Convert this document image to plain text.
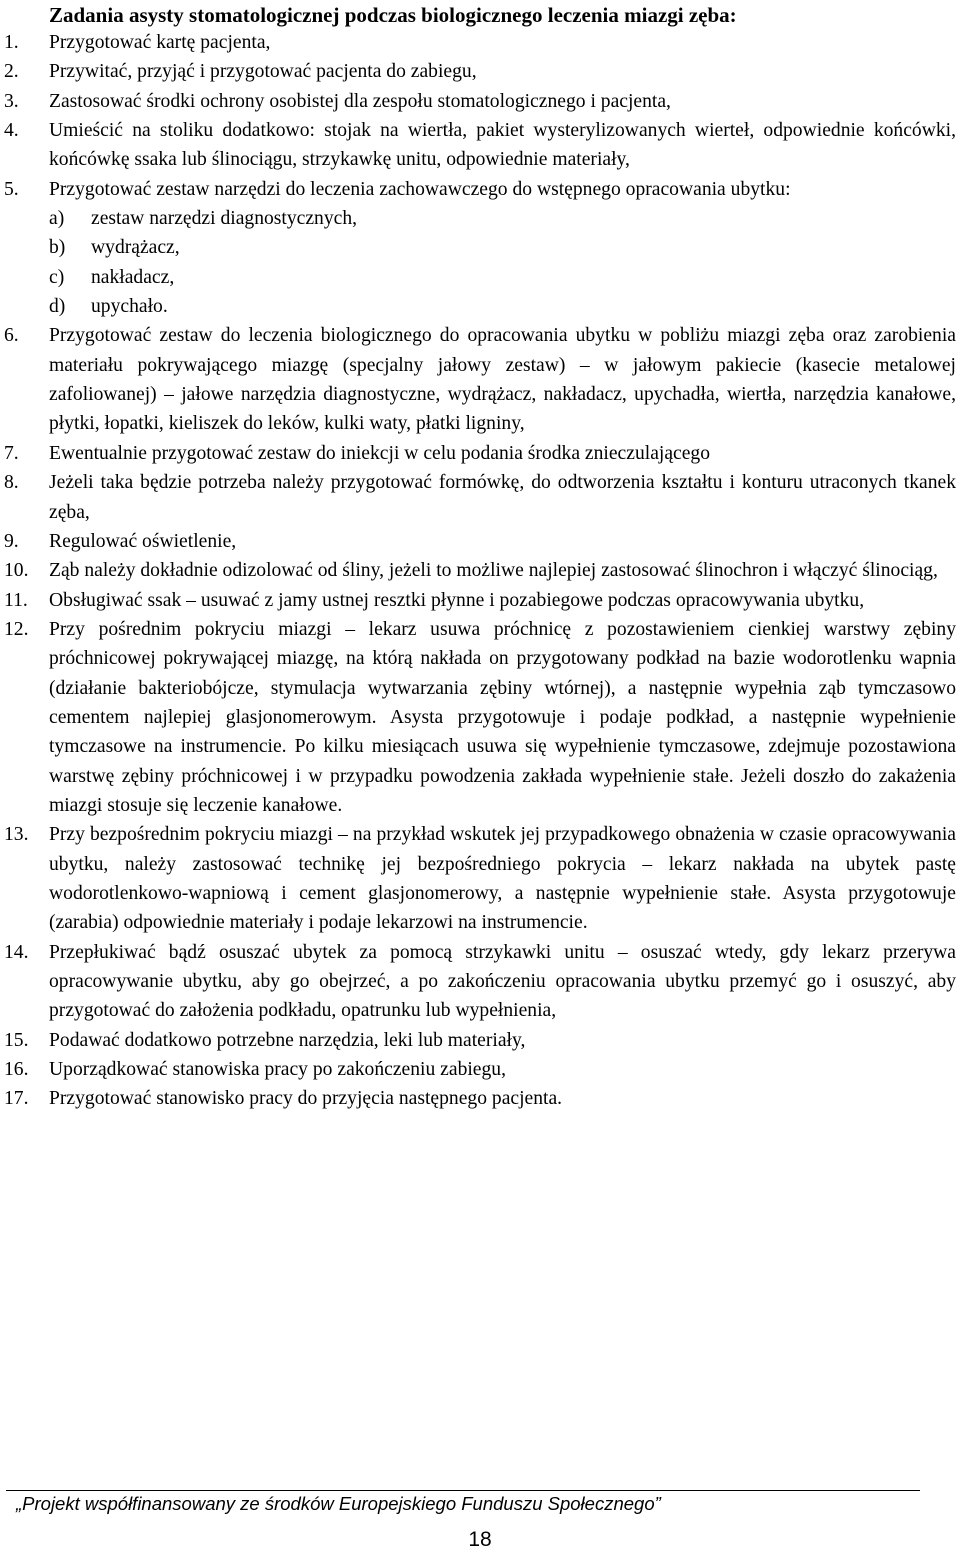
Zadania asysty stomatologicznej podczas biologicznego leczenia miazgi zęba:
1.	Przygotować kartę pacjenta,
2.	Przywitać, przyjąć i przygotować pacjenta do zabiegu,
3.	Zastosować środki ochrony osobistej dla zespołu stomatologicznego i pacjenta,
4.	Umieścić na stoliku dodatkowo: stojak na wiertła, pakiet wysterylizowanych wierteł, odpowiednie końcówki, końcówkę ssaka lub ślinociągu, strzykawkę unitu, odpowiednie materiały,
5.	Przygotować zestaw narzędzi do leczenia zachowawczego do wstępnego opracowania ubytku:
a) zestaw narzędzi diagnostycznych,
b) wydrążacz,
c) nakładacz,
d) upychało.
6.	Przygotować zestaw do leczenia biologicznego do opracowania ubytku w pobliżu miazgi zęba oraz zarobienia materiału pokrywającego miazgę (specjalny jałowy zestaw) – w jałowym pakiecie (kasecie metalowej zafoliowanej) – jałowe narzędzia diagnostyczne, wydrążacz, nakładacz, upychadła, wiertła, narzędzia kanałowe, płytki, łopatki, kieliszek do leków, kulki waty, płatki ligniny,
7.	Ewentualnie przygotować zestaw do iniekcji w celu podania środka znieczulającego
8.	Jeżeli taka będzie potrzeba należy przygotować formówkę, do odtworzenia kształtu i konturu utraconych tkanek zęba,
9.	Regulować oświetlenie,
10.	Ząb należy dokładnie odizolować od śliny, jeżeli to możliwe najlepiej zastosować ślinochron i włączyć ślinociąg,
11.	Obsługiwać ssak – usuwać z jamy ustnej resztki płynne i pozabiegowe podczas opracowywania ubytku,
12.	Przy pośrednim pokryciu miazgi – lekarz usuwa próchnicę z pozostawieniem cienkiej warstwy zębiny próchnicowej pokrywającej miazgę, na którą nakłada on przygotowany podkład na bazie wodorotlenku wapnia (działanie bakteriobójcze, stymulacja wytwarzania zębiny wtórnej), a następnie wypełnia ząb tymczasowo cementem najlepiej glasjonomerowym. Asysta przygotowuje i podaje podkład, a następnie wypełnienie tymczasowe na instrumencie. Po kilku miesiącach usuwa się wypełnienie tymczasowe, zdejmuje pozostawiona warstwę zębiny próchnicowej i w przypadku powodzenia zakłada wypełnienie stałe. Jeżeli doszło do zakażenia miazgi stosuje się leczenie kanałowe.
13.	Przy bezpośrednim pokryciu miazgi – na przykład wskutek jej przypadkowego obnażenia w czasie opracowywania ubytku, należy zastosować technikę jej bezpośredniego pokrycia – lekarz nakłada na ubytek pastę wodorotlenkowo-wapniową i cement glasjonomerowy, a następnie wypełnienie stałe. Asysta przygotowuje (zarabia) odpowiednie materiały i podaje lekarzowi na instrumencie.
14.	Przepłukiwać bądź osuszać ubytek za pomocą strzykawki unitu – osuszać wtedy, gdy lekarz przerywa opracowywanie ubytku, aby go obejrzeć, a po zakończeniu opracowania ubytku przemyć go i osuszyć, aby przygotować do założenia podkładu, opatrunku lub wypełnienia,
15.	Podawać dodatkowo potrzebne narzędzia, leki lub materiały,
16.	Uporządkować stanowiska pracy po zakończeniu zabiegu,
17.	Przygotować stanowisko pracy do przyjęcia następnego pacjenta.
„Projekt współfinansowany ze środków Europejskiego Funduszu Społecznego”
18
